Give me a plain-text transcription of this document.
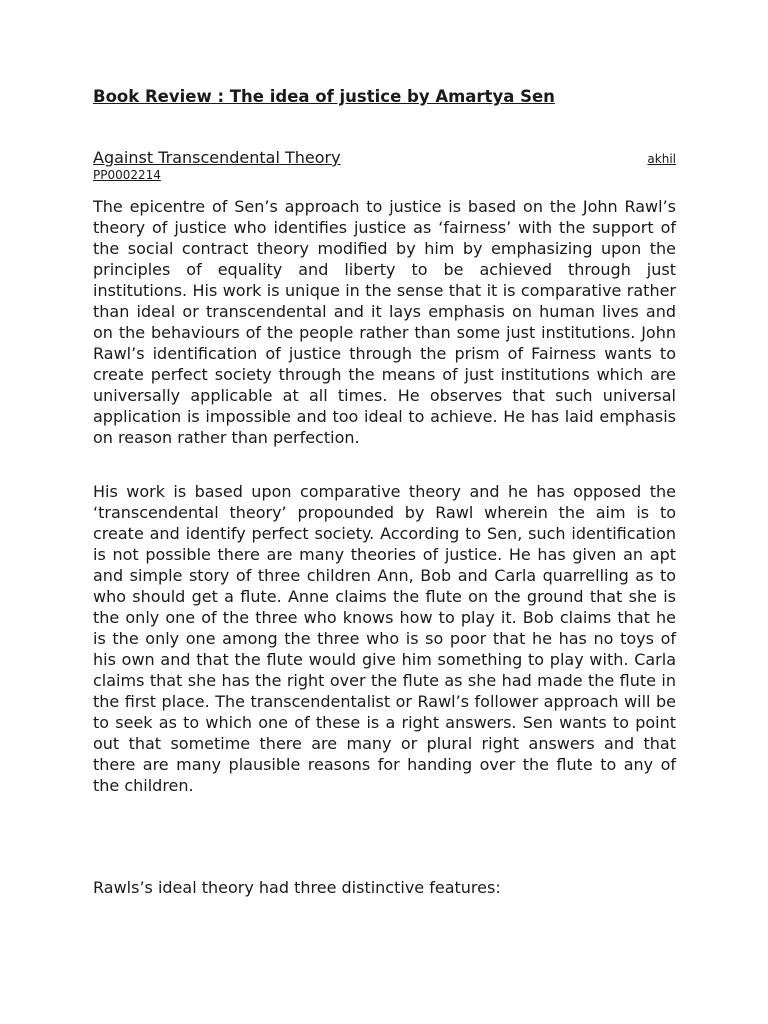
Book Review : The idea of justice by Amartya Sen
Against Transcendental Theory	akhil
PP0002214

The epicentre of Sen’s approach to justice is based on the John Rawl’s theory of justice who identifies justice as ‘fairness’ with the support of the social contract theory modified by him by emphasizing upon the principles of equality and liberty to be achieved through just institutions. His work is unique in the sense that it is comparative rather than ideal or transcendental and it lays emphasis on human lives and on the behaviours of the people rather than some just institutions. John Rawl’s identification of justice through the prism of Fairness wants to create perfect society through the means of just institutions which are universally applicable at all times. He observes that such universal application is impossible and too ideal to achieve. He has laid emphasis on reason rather than perfection.

His work is based upon comparative theory and he has opposed the ‘transcendental theory’ propounded by Rawl wherein the aim is to create and identify perfect society. According to Sen, such identification is not possible there are many theories of justice. He has given an apt and simple story of three children Ann, Bob and Carla quarrelling as to who should get a flute. Anne claims the flute on the ground that she is the only one of the three who knows how to play it. Bob claims that he is the only one among the three who is so poor that he has no toys of his own and that the flute would give him something to play with. Carla claims that she has the right over the flute as she had made the flute in the first place. The transcendentalist or Rawl’s follower approach will be to seek as to which one of these is a right answers. Sen wants to point out that sometime there are many or plural right answers and that there are many plausible reasons for handing over the flute to any of the children.

Rawls’s ideal theory had three distinctive features:
